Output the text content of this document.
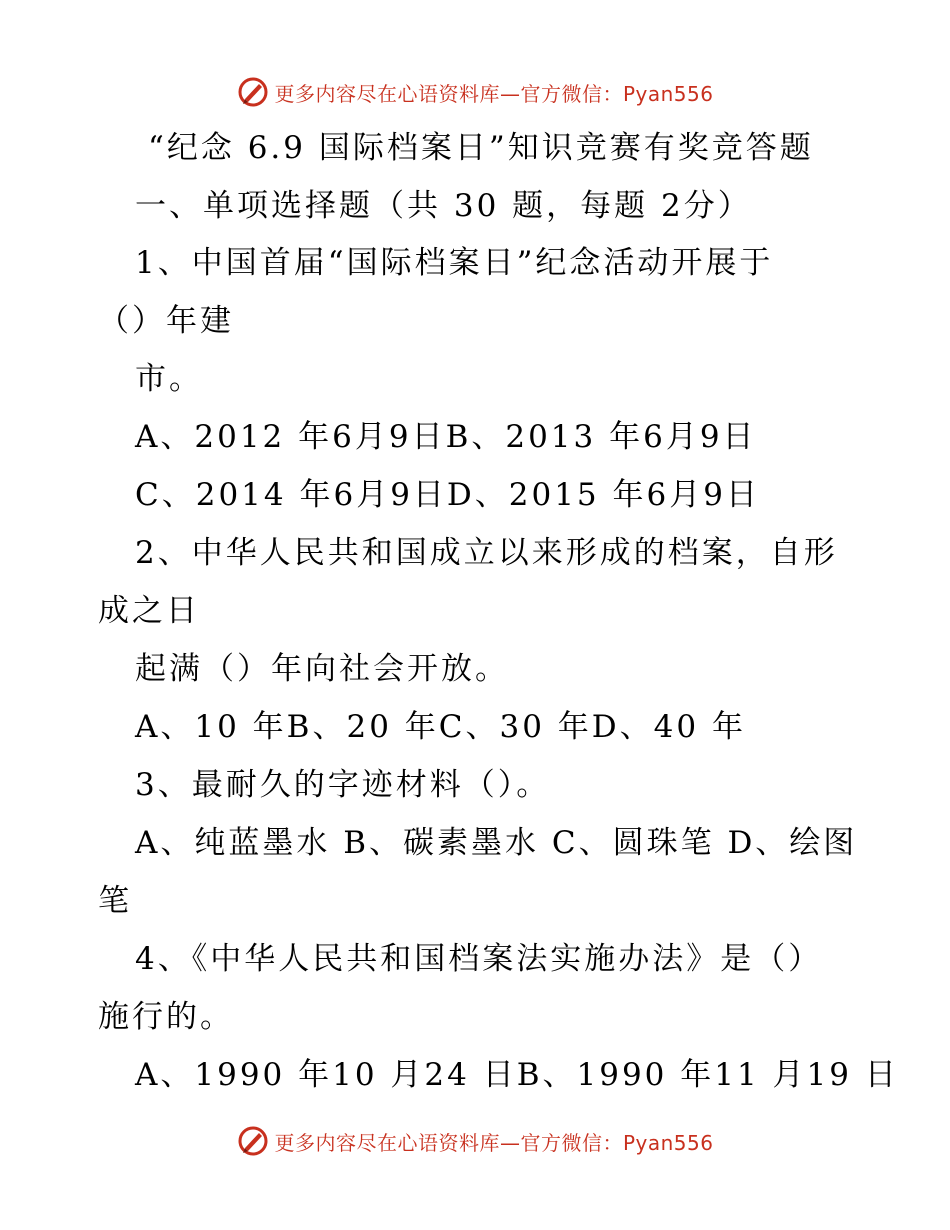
更多内容尽在心语资料库—官方微信：Pyan556
“纪念 6.9 国际档案日”知识竞赛有奖竞答题
一、单项选择题（共 30 题，每题 2分）
1、中国首届“国际档案日”纪念活动开展于
（）年建
市。
A、2012 年6月9日B、2013 年6月9日
C、2014 年6月9日D、2015 年6月9日
2、中华人民共和国成立以来形成的档案，自形
成之日
起满（）年向社会开放。
A、10 年B、20 年C、30 年D、40 年
3、最耐久的字迹材料（）。
A、纯蓝墨水 B、碳素墨水 C、圆珠笔 D、绘图
笔
4、《中华人民共和国档案法实施办法》是（）
施行的。
A、1990 年10 月24 日B、1990 年11 月19 日
更多内容尽在心语资料库—官方微信：Pyan556
